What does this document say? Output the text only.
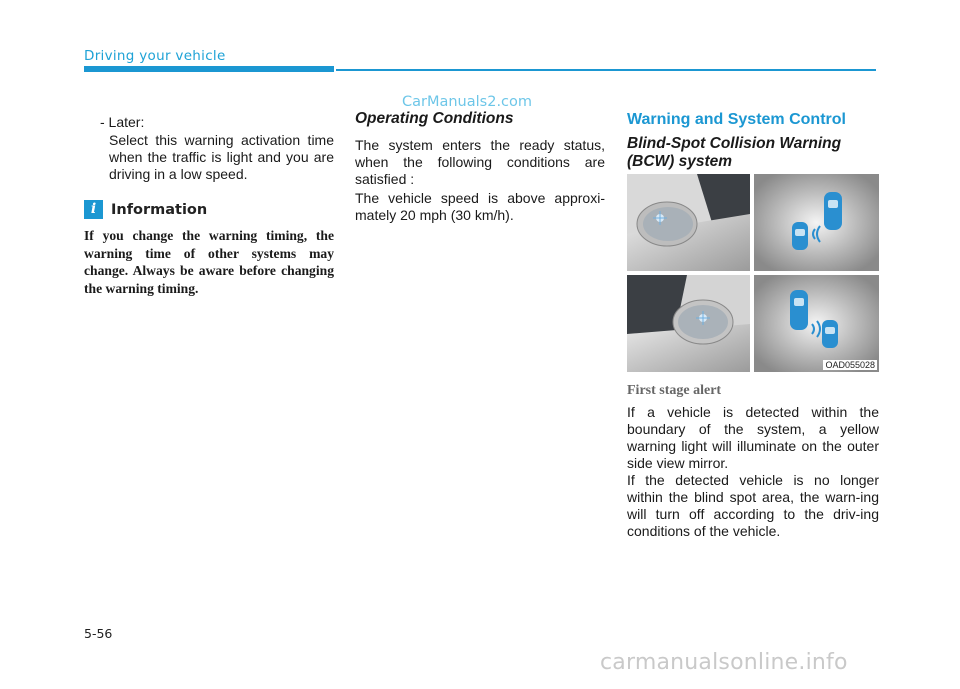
Driving your vehicle
CarManuals2.com
- Later:

Select this warning activation time when the traffic is light and you are driving in a low speed.

i	Information

If you change the warning timing, the warning time of other systems may change. Always be aware before changing the warning timing.

Operating Conditions

The system enters the ready status, when the following conditions are satisfied :

The vehicle speed is above approxi-mately 20 mph (30 km/h).

Warning and System Control
Blind-Spot Collision Warning (BCW) system
OAD055028
First stage alert

If a vehicle is detected within the boundary of the system, a yellow warning light will illuminate on the outer side view mirror.

If the detected vehicle is no longer within the blind spot area, the warn-ing will turn off according to the driv-ing conditions of the vehicle.

5-56
carmanualsonline.info
